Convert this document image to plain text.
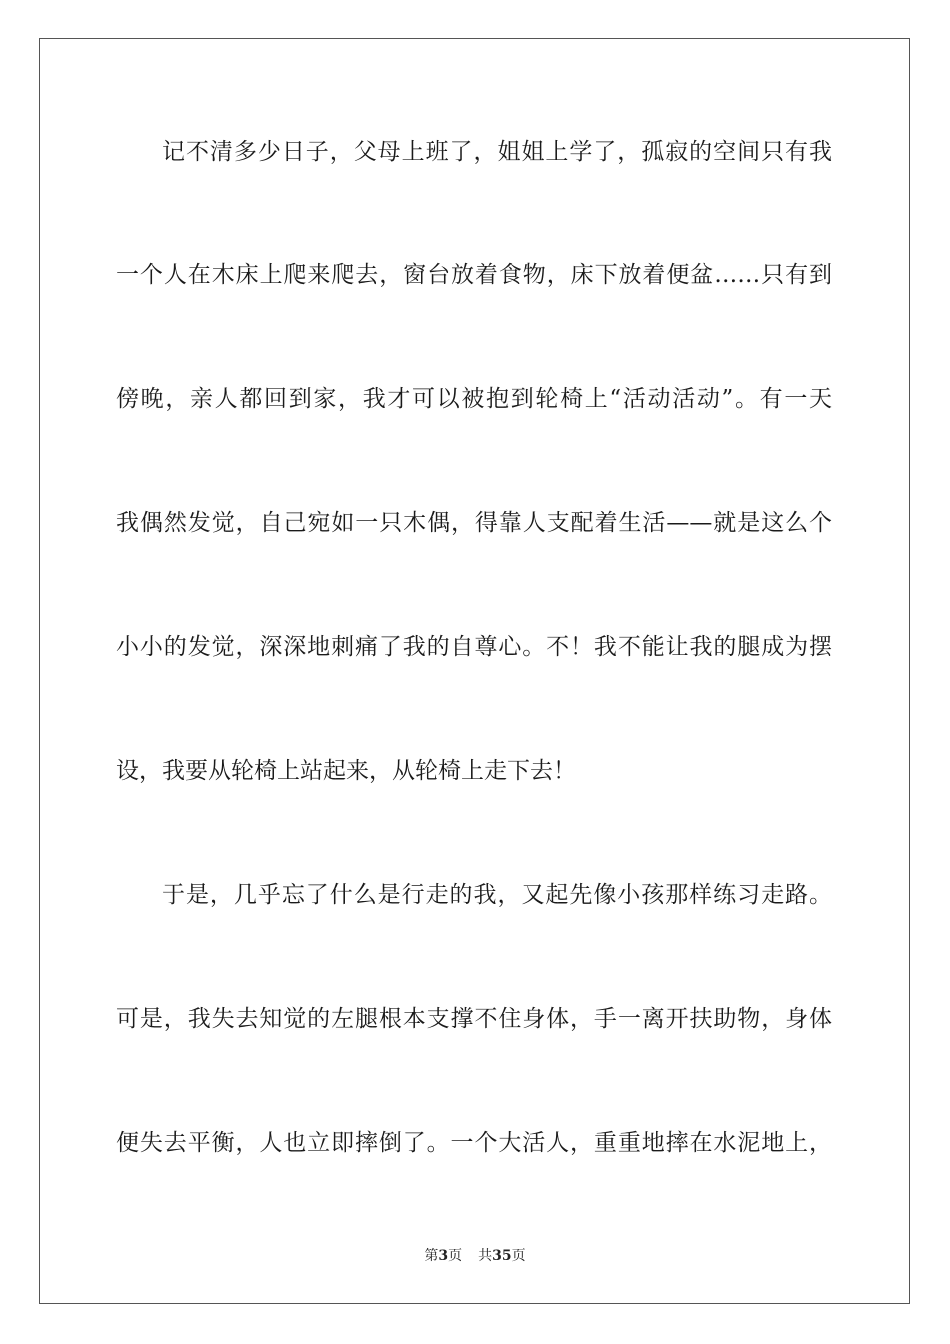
记不清多少日子，父母上班了，姐姐上学了，孤寂的空间只有我
一个人在木床上爬来爬去，窗台放着食物，床下放着便盆……只有到
傍晚，亲人都回到家，我才可以被抱到轮椅上“活动活动”。有一天
我偶然发觉，自己宛如一只木偶，得靠人支配着生活——就是这么个
小小的发觉，深深地刺痛了我的自尊心。不！我不能让我的腿成为摆
设，我要从轮椅上站起来，从轮椅上走下去！
于是，几乎忘了什么是行走的我，又起先像小孩那样练习走路。
可是，我失去知觉的左腿根本支撑不住身体，手一离开扶助物，身体
便失去平衡，人也立即摔倒了。一个大活人，重重地摔在水泥地上，
第3页 共35页
